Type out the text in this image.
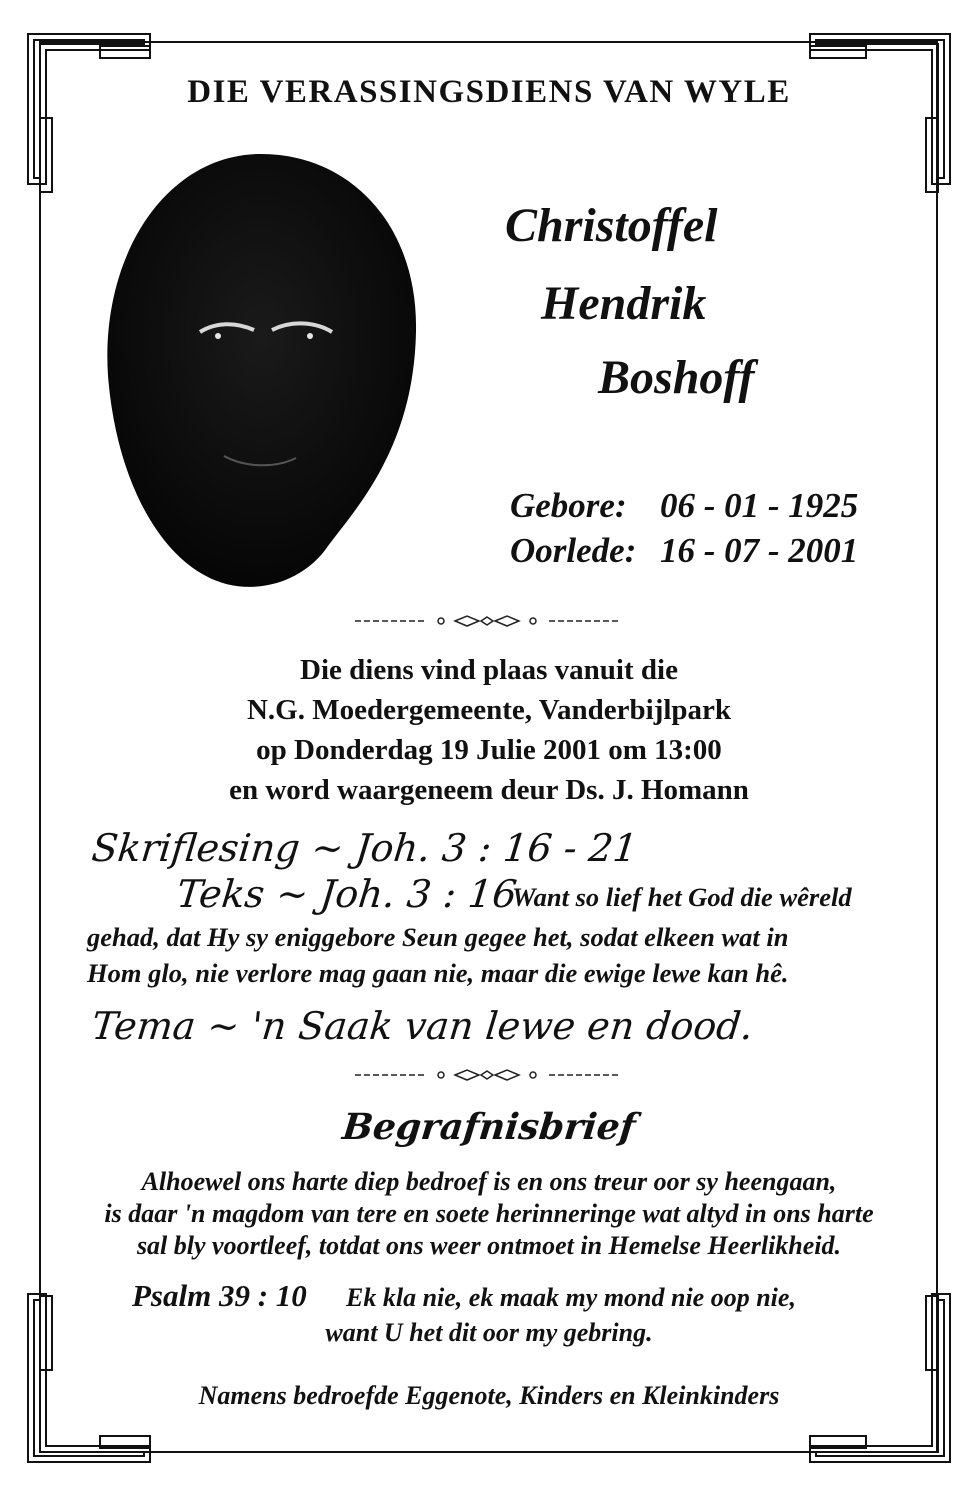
DIE VERASSINGSDIENS VAN WYLE

Christoffel

Hendrik

Boshoff

Gebore: 06 - 01 - 1925

Oorlede: 16 - 07 - 2001

Die diens vind plaas vanuit die

N.G. Moedergemeente, Vanderbijlpark

op Donderdag 19 Julie 2001 om 13:00

en word waargeneem deur Ds. J. Homann

Skriflesing ~ Joh. 3 : 16 - 21

Teks ~ Joh. 3 : 16

Want so lief het God die wêreld

gehad, dat Hy sy eniggebore Seun gegee het, sodat elkeen wat in

Hom glo, nie verlore mag gaan nie, maar die ewige lewe kan hê.

Tema ~ 'n Saak van lewe en dood.

Begrafnisbrief

Alhoewel ons harte diep bedroef is en ons treur oor sy heengaan,

is daar 'n magdom van tere en soete herinneringe wat altyd in ons harte

sal bly voortleef, totdat ons weer ontmoet in Hemelse Heerlikheid.

Psalm 39 : 10 Ek kla nie, ek maak my mond nie oop nie,

want U het dit oor my gebring.

Namens bedroefde Eggenote, Kinders en Kleinkinders
